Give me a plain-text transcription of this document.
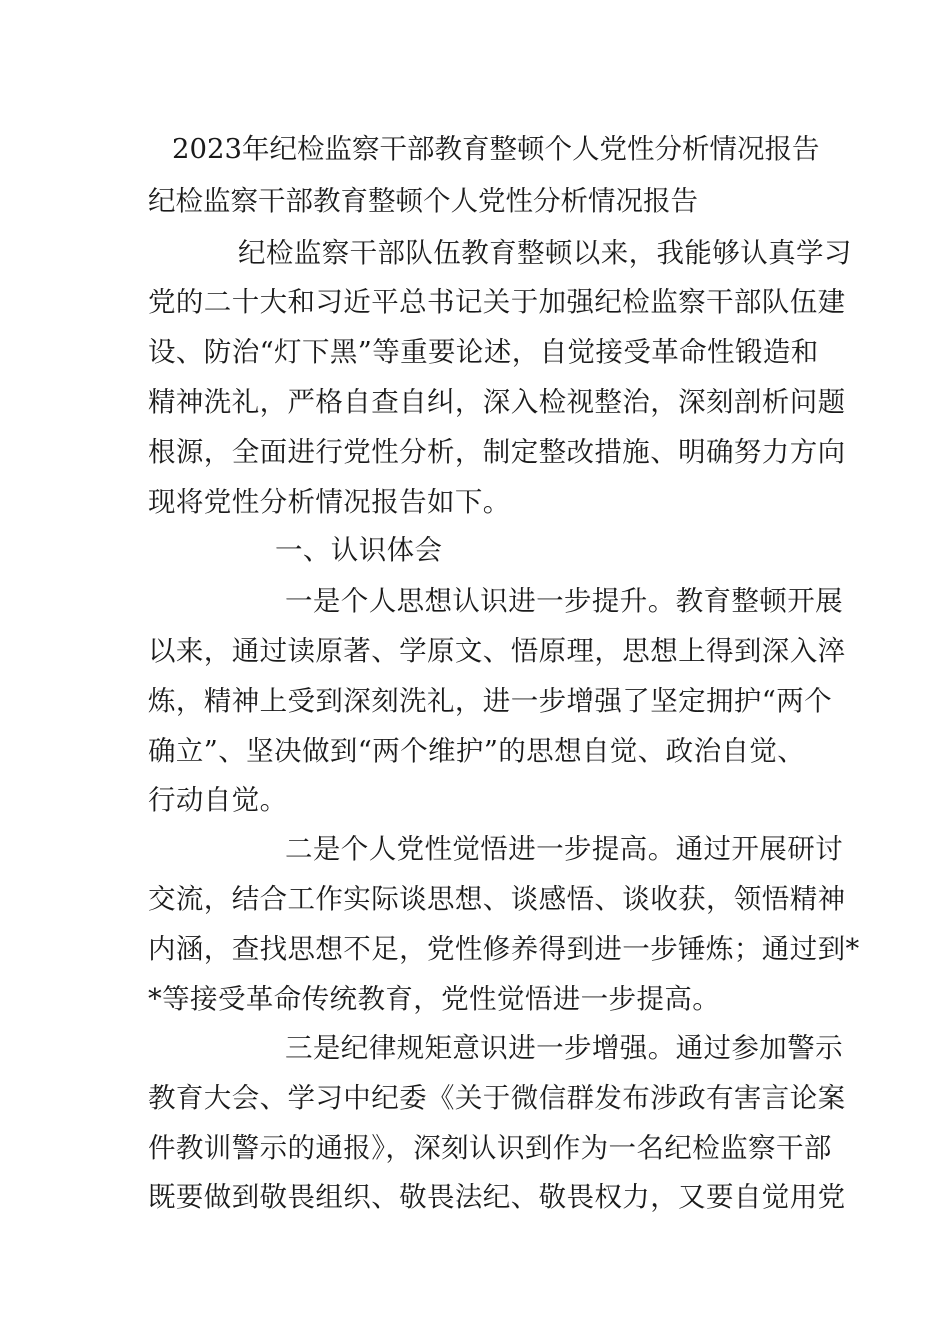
2023年纪检监察干部教育整顿个人党性分析情况报告
纪检监察干部教育整顿个人党性分析情况报告
纪检监察干部队伍教育整顿以来，我能够认真学习
党的二十大和习近平总书记关于加强纪检监察干部队伍建
设、防治“灯下黑”等重要论述，自觉接受革命性锻造和
精神洗礼，严格自查自纠，深入检视整治，深刻剖析问题
根源，全面进行党性分析，制定整改措施、明确努力方向
现将党性分析情况报告如下。
一、认识体会
一是个人思想认识进一步提升。教育整顿开展
以来，通过读原著、学原文、悟原理，思想上得到深入淬
炼，精神上受到深刻洗礼，进一步增强了坚定拥护“两个
确立”、坚决做到“两个维护”的思想自觉、政治自觉、
行动自觉。
二是个人党性觉悟进一步提高。通过开展研讨
交流，结合工作实际谈思想、谈感悟、谈收获，领悟精神
内涵，查找思想不足，党性修养得到进一步锤炼；通过到*
*等接受革命传统教育，党性觉悟进一步提高。
三是纪律规矩意识进一步增强。通过参加警示
教育大会、学习中纪委《关于微信群发布涉政有害言论案
件教训警示的通报》，深刻认识到作为一名纪检监察干部
既要做到敬畏组织、敬畏法纪、敬畏权力，又要自觉用党
